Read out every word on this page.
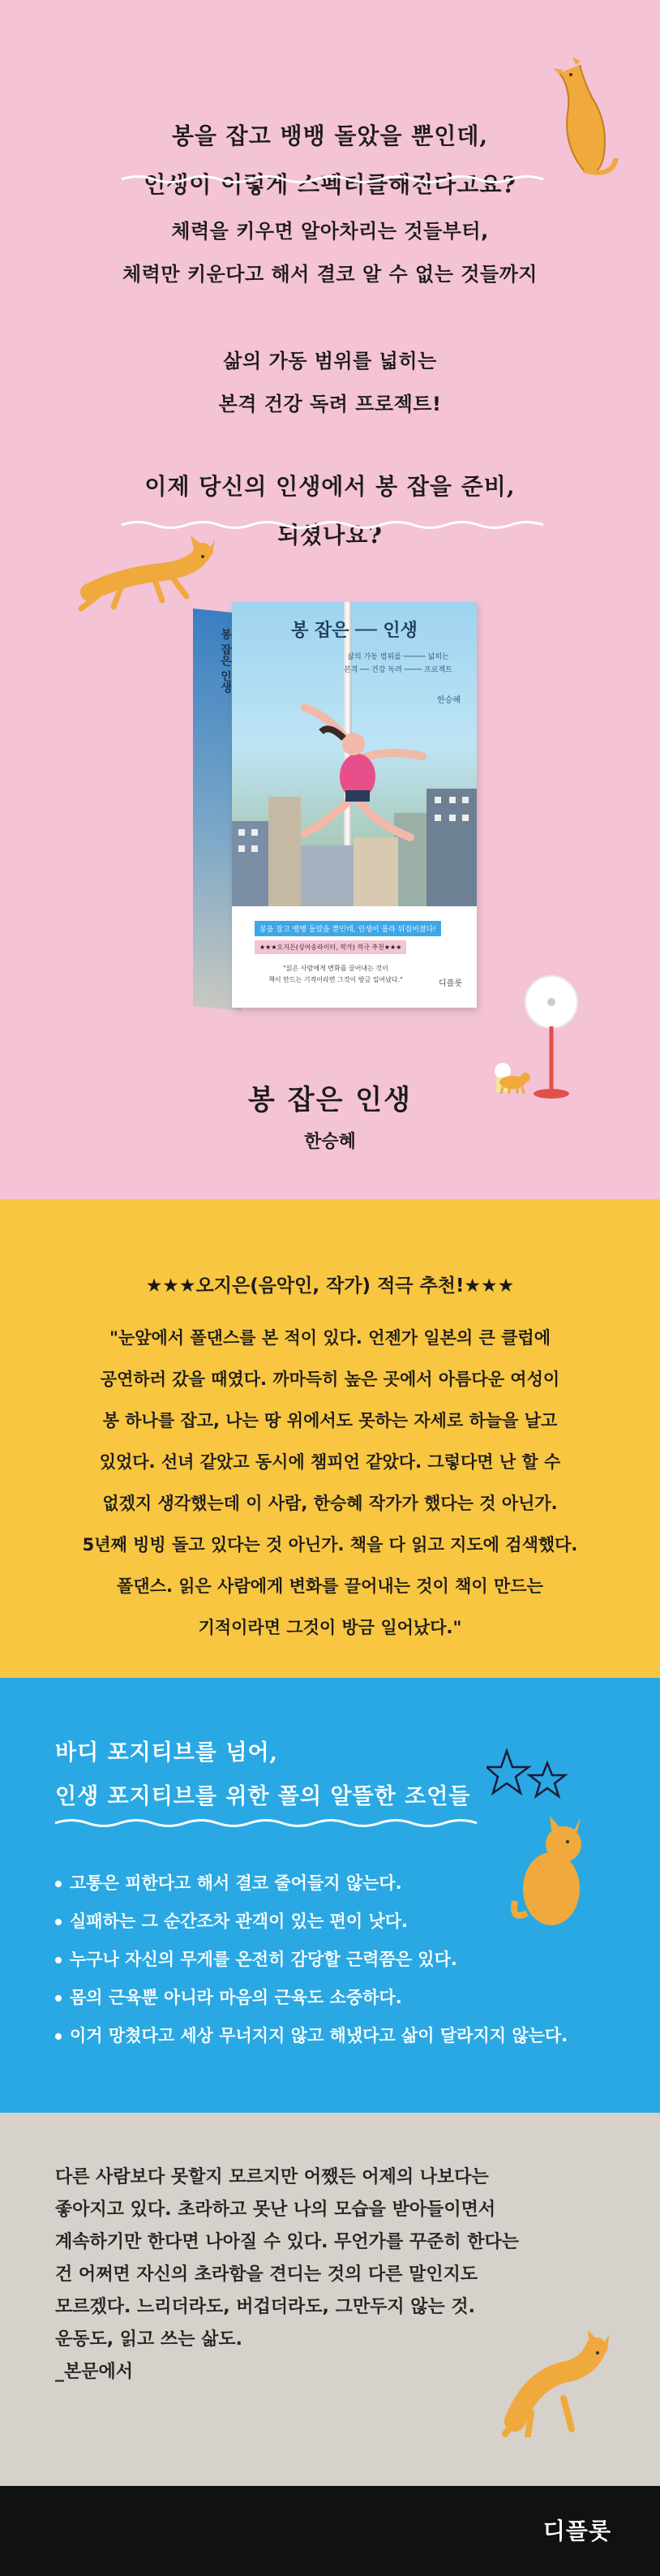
봉을 잡고 뱅뱅 돌았을 뿐인데,
인생이 이렇게 스펙터클해진다고요?
체력을 키우면 알아차리는 것들부터,
체력만 키운다고 해서 결코 알 수 없는 것들까지
삶의 가동 범위를 넓히는
본격 건강 독려 프로젝트!
이제 당신의 인생에서 봉 잡을 준비,
되셨나요?
봉 잡은 인생	봉 잡은 ── 인생
삶의 가동 범위를 ───── 넓히는
본격 ── 건강 독려 ──── 프로젝트
한승혜
봉을 잡고 뱅뱅 돌았을 뿐인데, 인생이 몰라 뒤집어졌다!
★★★오지은(싱어송라이터, 작가) 적극 추천★★★
"읽은 사람에게 변화를 끌어내는 것이
책이 만드는 기적이라면 그것이 방금 일어났다."	디플롯
봉 잡은 인생
한승혜
★★★오지은(음악인, 작가) 적극 추천!★★★
"눈앞에서 폴댄스를 본 적이 있다. 언젠가 일본의 큰 클럽에
공연하러 갔을 때였다. 까마득히 높은 곳에서 아름다운 여성이
봉 하나를 잡고, 나는 땅 위에서도 못하는 자세로 하늘을 날고
있었다. 선녀 같았고 동시에 챔피언 같았다. 그렇다면 난 할 수
없겠지 생각했는데 이 사람, 한승혜 작가가 했다는 것 아닌가.
5년째 빙빙 돌고 있다는 것 아닌가. 책을 다 읽고 지도에 검색했다.
폴댄스. 읽은 사람에게 변화를 끌어내는 것이 책이 만드는
기적이라면 그것이 방금 일어났다."
바디 포지티브를 넘어,
인생 포지티브를 위한 폴의 알뜰한 조언들
고통은 피한다고 해서 결코 줄어들지 않는다.
실패하는 그 순간조차 관객이 있는 편이 낫다.
누구나 자신의 무게를 온전히 감당할 근력쯤은 있다.
몸의 근육뿐 아니라 마음의 근육도 소중하다.
이거 망쳤다고 세상 무너지지 않고 해냈다고 삶이 달라지지 않는다.
다른 사람보다 못할지 모르지만 어쨌든 어제의 나보다는
좋아지고 있다. 초라하고 못난 나의 모습을 받아들이면서
계속하기만 한다면 나아질 수 있다. 무언가를 꾸준히 한다는
건 어쩌면 자신의 초라함을 견디는 것의 다른 말인지도
모르겠다. 느리더라도, 버겁더라도, 그만두지 않는 것.
운동도, 읽고 쓰는 삶도.
_본문에서
디플롯
